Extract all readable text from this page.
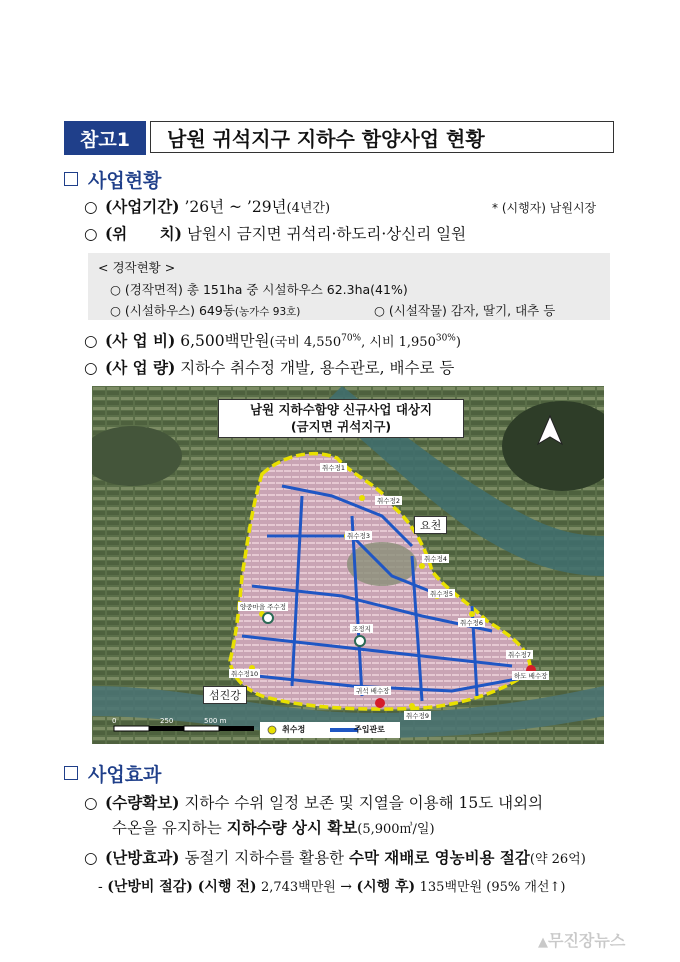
참고1	남원 귀석지구 지하수 함양사업 현황
사업현황
○ (사업기간) ’26년 ~ ’29년(4년간)	* (시행자) 남원시장
○ (위      치) 남원시 금지면 귀석리·하도리·상신리 일원
< 경작현황 >
○ (경작면적) 총 151ha 중 시설하우스 62.3ha(41%)
○ (시설하우스) 649동(농가수 93호)	○ (시설작물) 감자, 딸기, 대추 등
○ (사 업 비) 6,500백만원(국비 $4,550^{70\%}$, 시비 $1,950^{30\%}$)
○ (사 업 량) 지하수 취수정 개발, 용수관로, 배수로 등
남원 지하수함양 신규사업 대상지
(금지면 귀석지구)
요천
섬진강
취수정1
취수정2
취수정3
취수정4
취수정5
취수정6
취수정7
취수정9
취수정10
양중마을 주수정
귀석 배수장
하도 배수장
조정지
0	250	500 m
취수정	주입관로
사업효과
○ (수량확보) 지하수 수위 일정 보존 및 지열을 이용해 15도 내외의
수온을 유지하는 지하수량 상시 확보(5,900㎥/일)
○ (난방효과) 동절기 지하수를 활용한 수막 재배로 영농비용 절감(약 26억)
- (난방비 절감) (시행 전) 2,743백만원 → (시행 후) 135백만원 (95% 개선↑)
▲무진장뉴스
